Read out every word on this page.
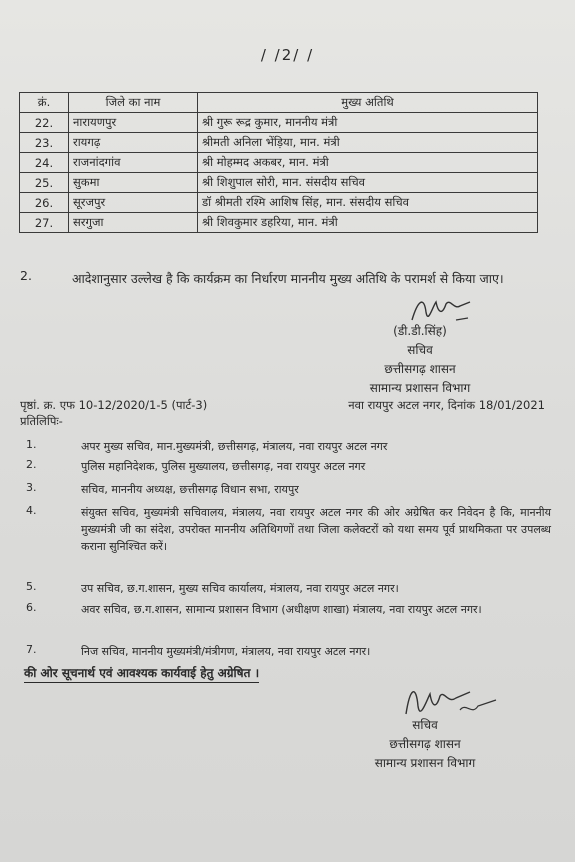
/ /2/ /
क्रं.	जिले का नाम	मुख्य अतिथि
22.	नारायणपुर	श्री गुरू रूद्र कुमार, माननीय मंत्री
23.	रायगढ़	श्रीमती अनिला भेंड़िया, मान. मंत्री
24.	राजनांदगांव	श्री मोहम्मद अकबर, मान. मंत्री
25.	सुकमा	श्री शिशुपाल सोरी, मान. संसदीय सचिव
26.	सूरजपुर	डॉ श्रीमती रश्मि आशिष सिंह, मान. संसदीय सचिव
27.	सरगुजा	श्री शिवकुमार डहरिया, मान. मंत्री
2.	आदेशानुसार उल्लेख है कि कार्यक्रम का निर्धारण माननीय मुख्य अतिथि के परामर्श से किया जाए।
(डी.डी.सिंह)
सचिव
छत्तीसगढ़ शासन
सामान्य प्रशासन विभाग
पृष्ठां. क्र. एफ 10-12/2020/1-5 (पार्ट-3)	नवा रायपुर अटल नगर, दिनांक 18/01/2021
प्रतिलिपिः-
1.	अपर मुख्य सचिव, मान.मुख्यमंत्री, छत्तीसगढ़, मंत्रालय, नवा रायपुर अटल नगर
2.	पुलिस महानिदेशक, पुलिस मुख्यालय, छत्तीसगढ़, नवा रायपुर अटल नगर
3.	सचिव, माननीय अध्यक्ष, छत्तीसगढ़ विधान सभा, रायपुर
4.	संयुक्त सचिव, मुख्यमंत्री सचिवालय, मंत्रालय, नवा रायपुर अटल नगर की ओर अग्रेषित कर निवेदन है कि, माननीय मुख्यमंत्री जी का संदेश, उपरोक्त माननीय अतिथिगणों तथा जिला कलेक्टरों को यथा समय पूर्व प्राथमिकता पर उपलब्ध कराना सुनिश्चित करें।
5.	उप सचिव, छ.ग.शासन, मुख्य सचिव कार्यालय, मंत्रालय, नवा रायपुर अटल नगर।
6.	अवर सचिव, छ.ग.शासन, सामान्य प्रशासन विभाग (अधीक्षण शाखा) मंत्रालय, नवा रायपुर अटल नगर।
7.	निज सचिव, माननीय मुख्यमंत्री/मंत्रीगण, मंत्रालय, नवा रायपुर अटल नगर।
की ओर सूचनार्थ एवं आवश्यक कार्यवाई हेतु अग्रेषित ।
सचिव
छत्तीसगढ़ शासन
सामान्य प्रशासन विभाग
